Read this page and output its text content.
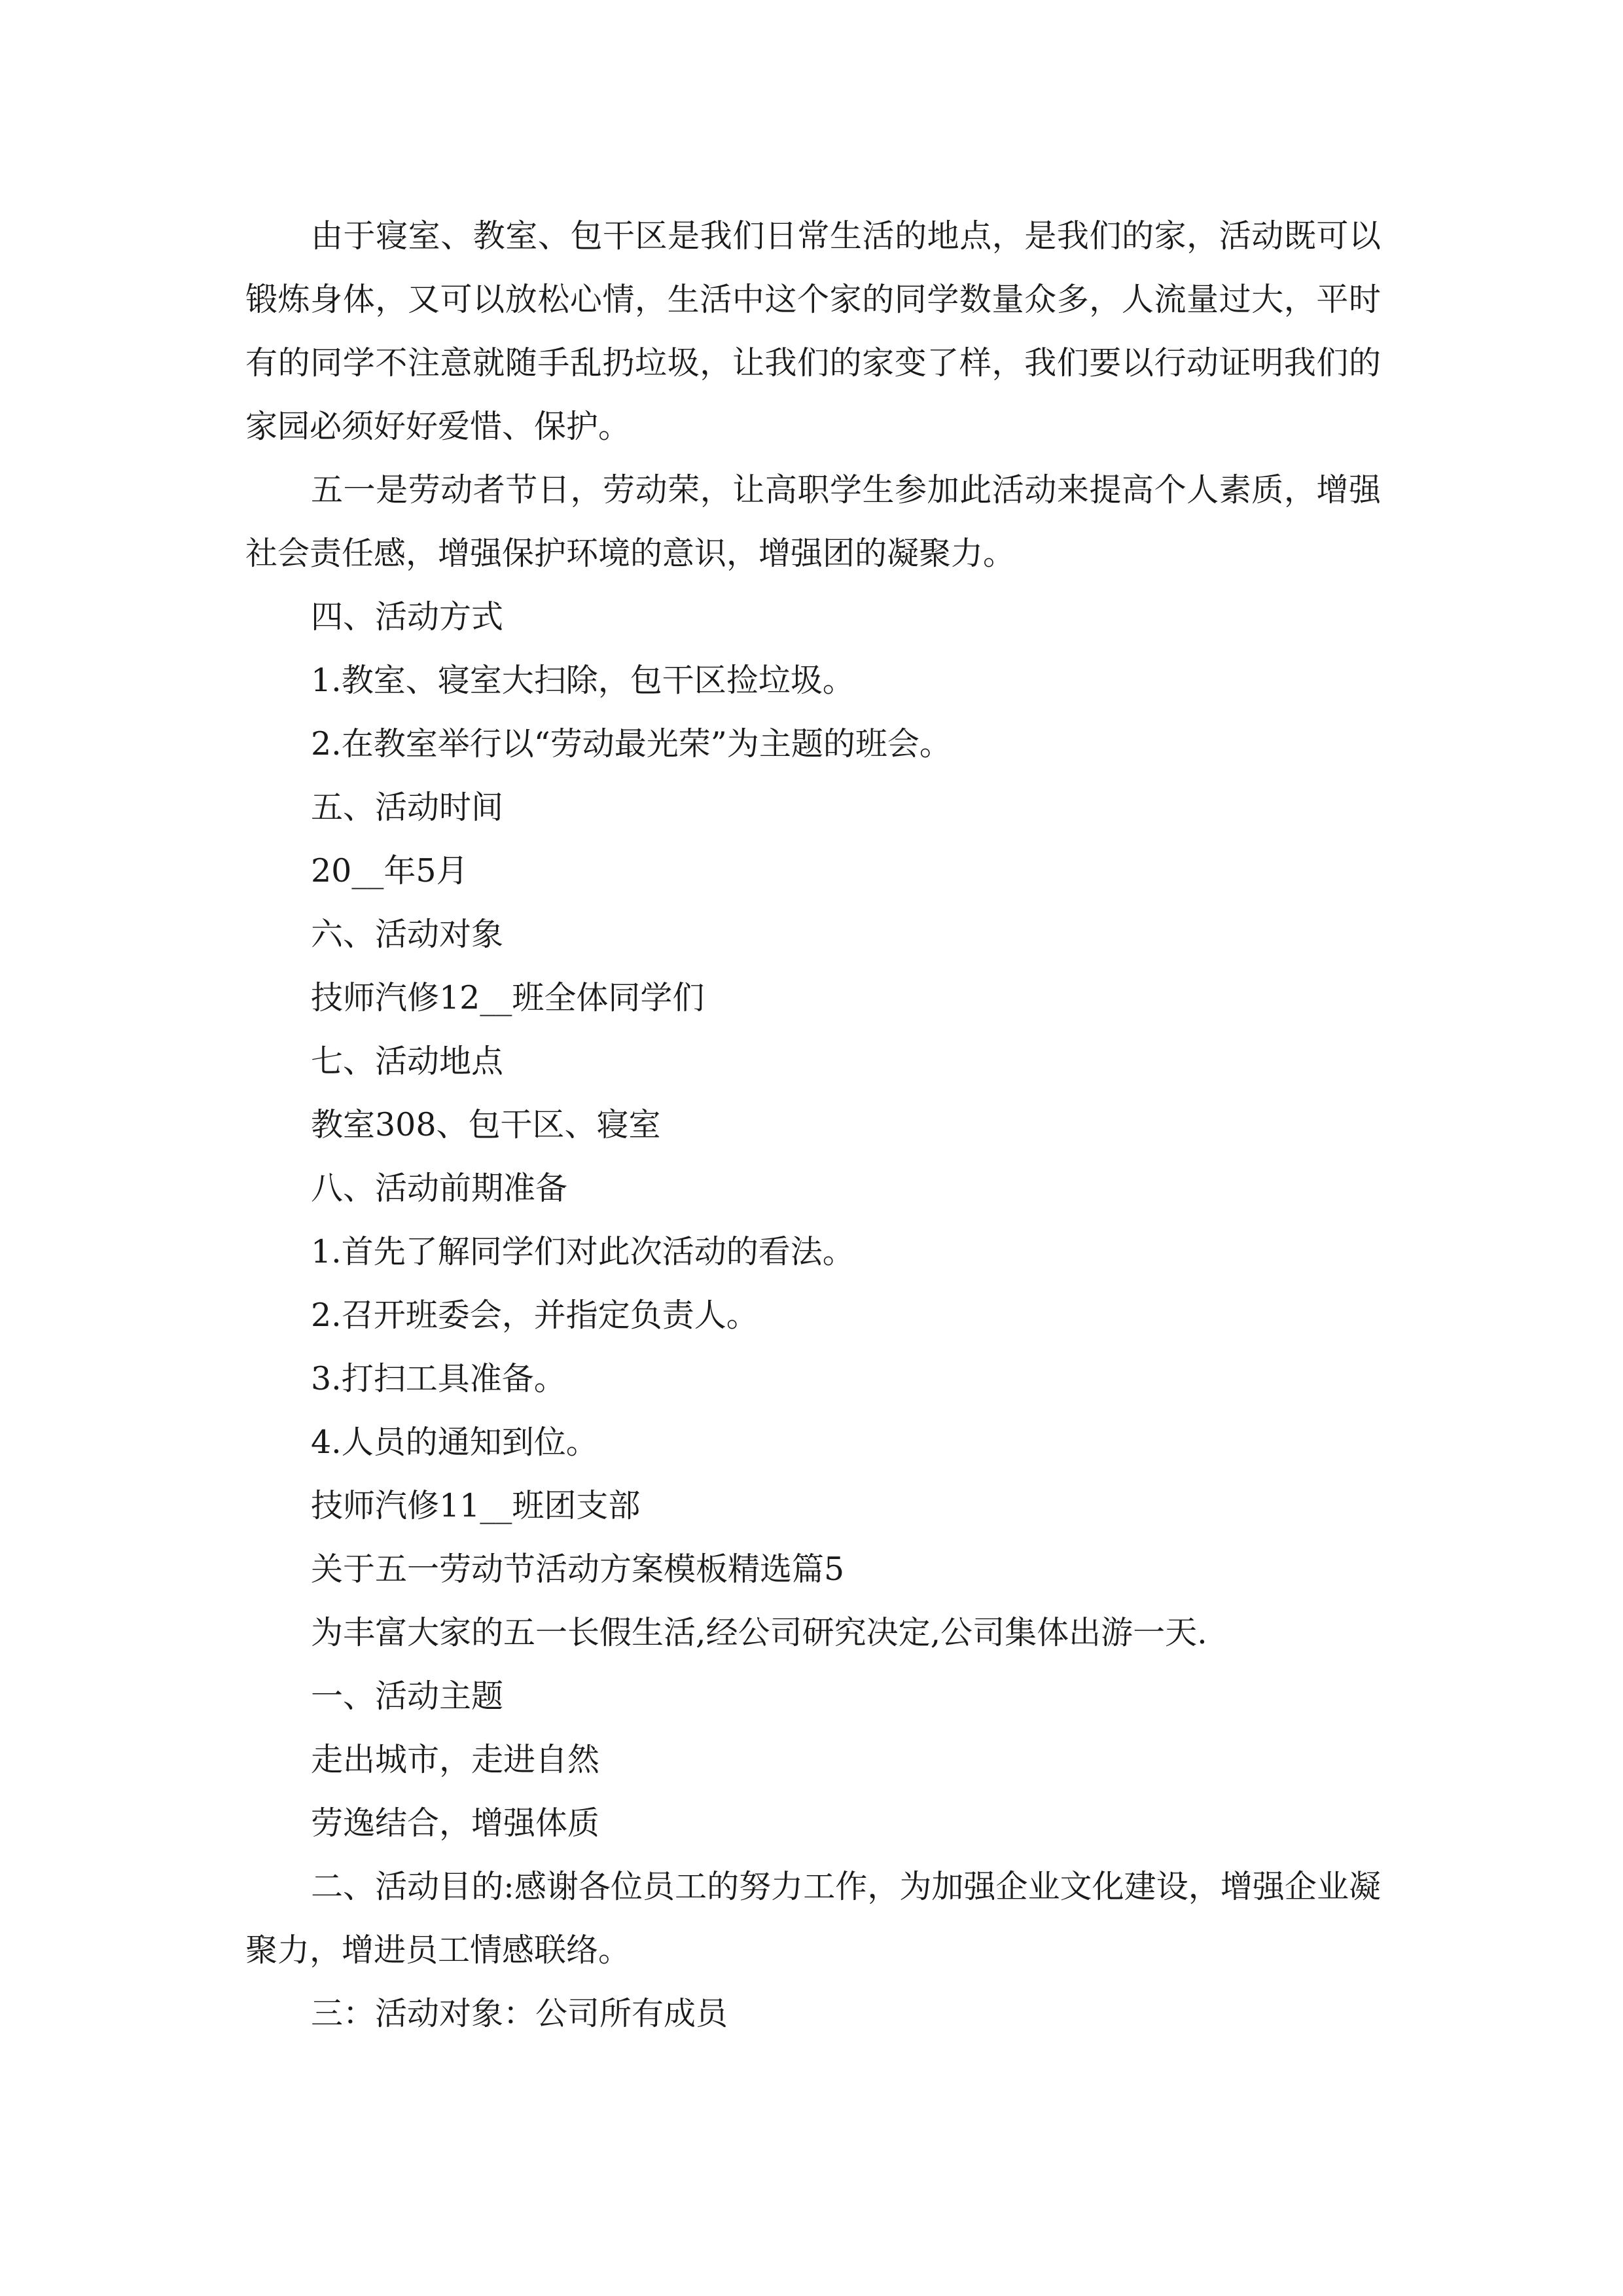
由于寝室、教室、包干区是我们日常生活的地点，是我们的家，活动既可以锻炼身体，又可以放松心情，生活中这个家的同学数量众多，人流量过大，平时有的同学不注意就随手乱扔垃圾，让我们的家变了样，我们要以行动证明我们的家园必须好好爱惜、保护。

五一是劳动者节日，劳动荣，让高职学生参加此活动来提高个人素质，增强社会责任感，增强保护环境的意识，增强团的凝聚力。

四、活动方式

1.教室、寝室大扫除，包干区捡垃圾。

2.在教室举行以“劳动最光荣”为主题的班会。

五、活动时间

20__年5月

六、活动对象

技师汽修12__班全体同学们

七、活动地点

教室308、包干区、寝室

八、活动前期准备

1.首先了解同学们对此次活动的看法。

2.召开班委会，并指定负责人。

3.打扫工具准备。

4.人员的通知到位。

技师汽修11__班团支部

关于五一劳动节活动方案模板精选篇5

为丰富大家的五一长假生活,经公司研究决定,公司集体出游一天.

一、活动主题

走出城市，走进自然

劳逸结合，增强体质

二、活动目的:感谢各位员工的努力工作，为加强企业文化建设，增强企业凝聚力，增进员工情感联络。

三：活动对象：公司所有成员
